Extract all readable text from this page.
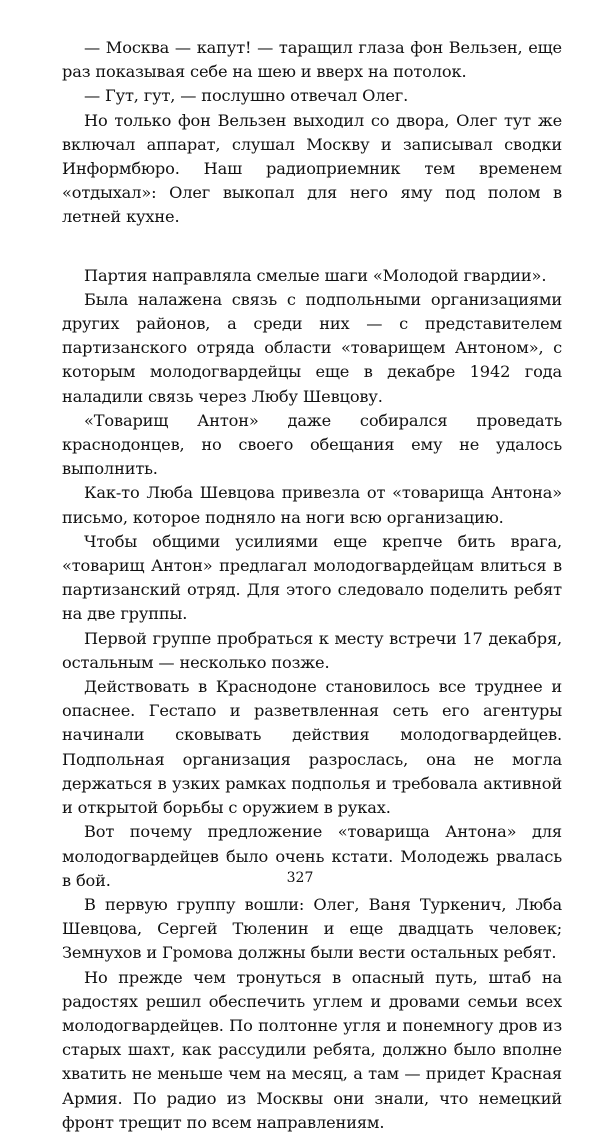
— Москва — капут! — таращил глаза фон Вельзен, еще раз показывая себе на шею и вверх на потолок.

— Гут, гут, — послушно отвечал Олег.

Но только фон Вельзен выходил со двора, Олег тут же включал аппарат, слушал Москву и записывал сводки Информбюро. Наш радиоприемник тем временем «отдыхал»: Олег выкопал для него яму под полом в летней кухне.

Партия направляла смелые шаги «Молодой гвардии».

Была налажена связь с подпольными организациями других районов, а среди них — с представителем партизанского отряда области «товарищем Антоном», с которым молодогвардейцы еще в декабре 1942 года наладили связь через Любу Шевцову.

«Товарищ Антон» даже собирался проведать краснодонцев, но своего обещания ему не удалось выполнить.

Как-то Люба Шевцова привезла от «товарища Антона» письмо, которое подняло на ноги всю организацию.

Чтобы общими усилиями еще крепче бить врага, «товарищ Антон» предлагал молодогвардейцам влиться в партизанский отряд. Для этого следовало поделить ребят на две группы.

Первой группе пробраться к месту встречи 17 декабря, остальным — несколько позже.

Действовать в Краснодоне становилось все труднее и опаснее. Гестапо и разветвленная сеть его агентуры начинали сковывать действия молодогвардейцев. Подпольная организация разрослась, она не могла держаться в узких рамках подполья и требовала активной и открытой борьбы с оружием в руках.

Вот почему предложение «товарища Антона» для молодогвардейцев было очень кстати. Молодежь рвалась в бой.

В первую группу вошли: Олег, Ваня Туркенич, Люба Шевцова, Сергей Тюленин и еще двадцать человек; Земнухов и Громова должны были вести остальных ребят.

Но прежде чем тронуться в опасный путь, штаб на радостях решил обеспечить углем и дровами семьи всех молодогвардейцев. По полтонне угля и понемногу дров из старых шахт, как рассудили ребята, должно было вполне хватить не меньше чем на месяц, а там — придет Красная Армия. По радио из Москвы они знали, что немецкий фронт трещит по всем направлениям.

327
